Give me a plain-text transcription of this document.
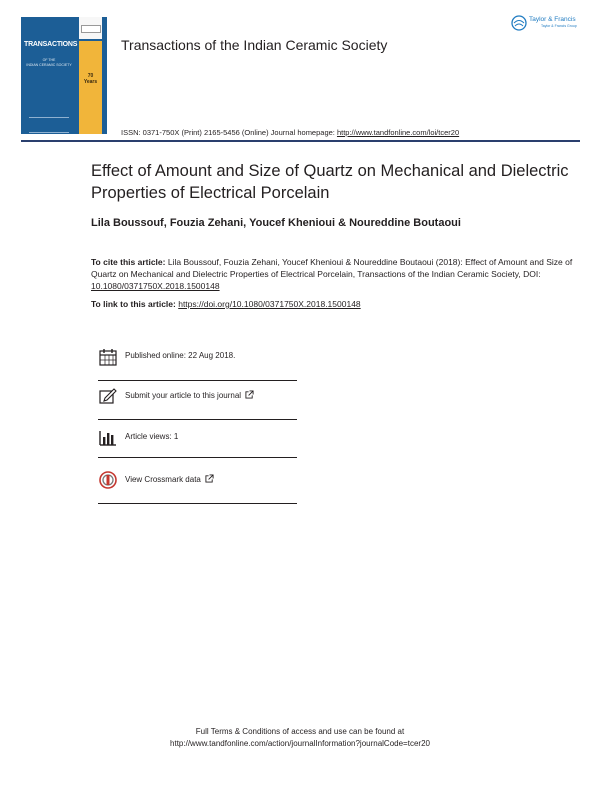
TRANSACTIONS
OF THE
INDIAN CERAMIC SOCIETY
70 Years
Transactions of the Indian Ceramic Society
Taylor & Francis
Taylor & Francis Group
ISSN: 0371-750X (Print) 2165-5456 (Online) Journal homepage: http://www.tandfonline.com/loi/tcer20
Effect of Amount and Size of Quartz on Mechanical and Dielectric Properties of Electrical Porcelain
Lila Boussouf, Fouzia Zehani, Youcef Khenioui & Noureddine Boutaoui
To cite this article: Lila Boussouf, Fouzia Zehani, Youcef Khenioui & Noureddine Boutaoui (2018): Effect of Amount and Size of Quartz on Mechanical and Dielectric Properties of Electrical Porcelain, Transactions of the Indian Ceramic Society, DOI: 10.1080/0371750X.2018.1500148
To link to this article: https://doi.org/10.1080/0371750X.2018.1500148
Published online: 22 Aug 2018.
Submit your article to this journal
Article views: 1
View Crossmark data
Full Terms & Conditions of access and use can be found at
http://www.tandfonline.com/action/journalInformation?journalCode=tcer20
